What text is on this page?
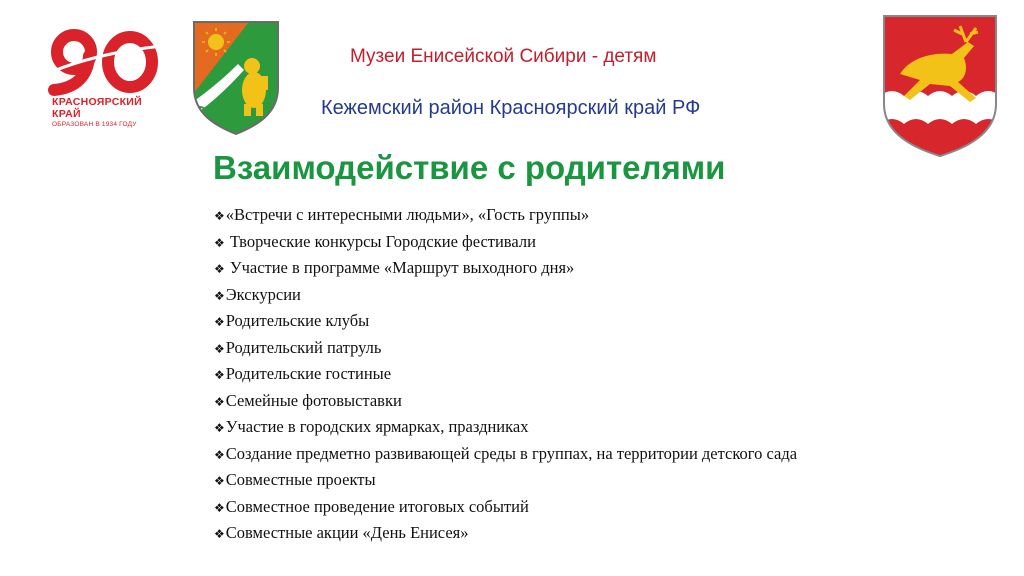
КРАСНОЯРСКИЙ
КРАЙ
ОБРАЗОВАН В 1934 ГОДУ
Музеи Енисейской Сибири - детям
Кежемский район Красноярский край РФ
Взаимодействие с родителями
❖«Встречи с интересными людьми», «Гость группы»
❖ Творческие конкурсы Городские фестивали
❖ Участие в программе «Маршрут выходного дня»
❖Экскурсии
❖Родительские клубы
❖Родительский патруль
❖Родительские гостиные
❖Семейные фотовыставки
❖Участие в городских ярмарках, праздниках
❖Создание предметно развивающей среды в группах, на территории детского сада
❖Совместные проекты
❖Совместное проведение итоговых событий
❖Совместные акции «День Енисея»
